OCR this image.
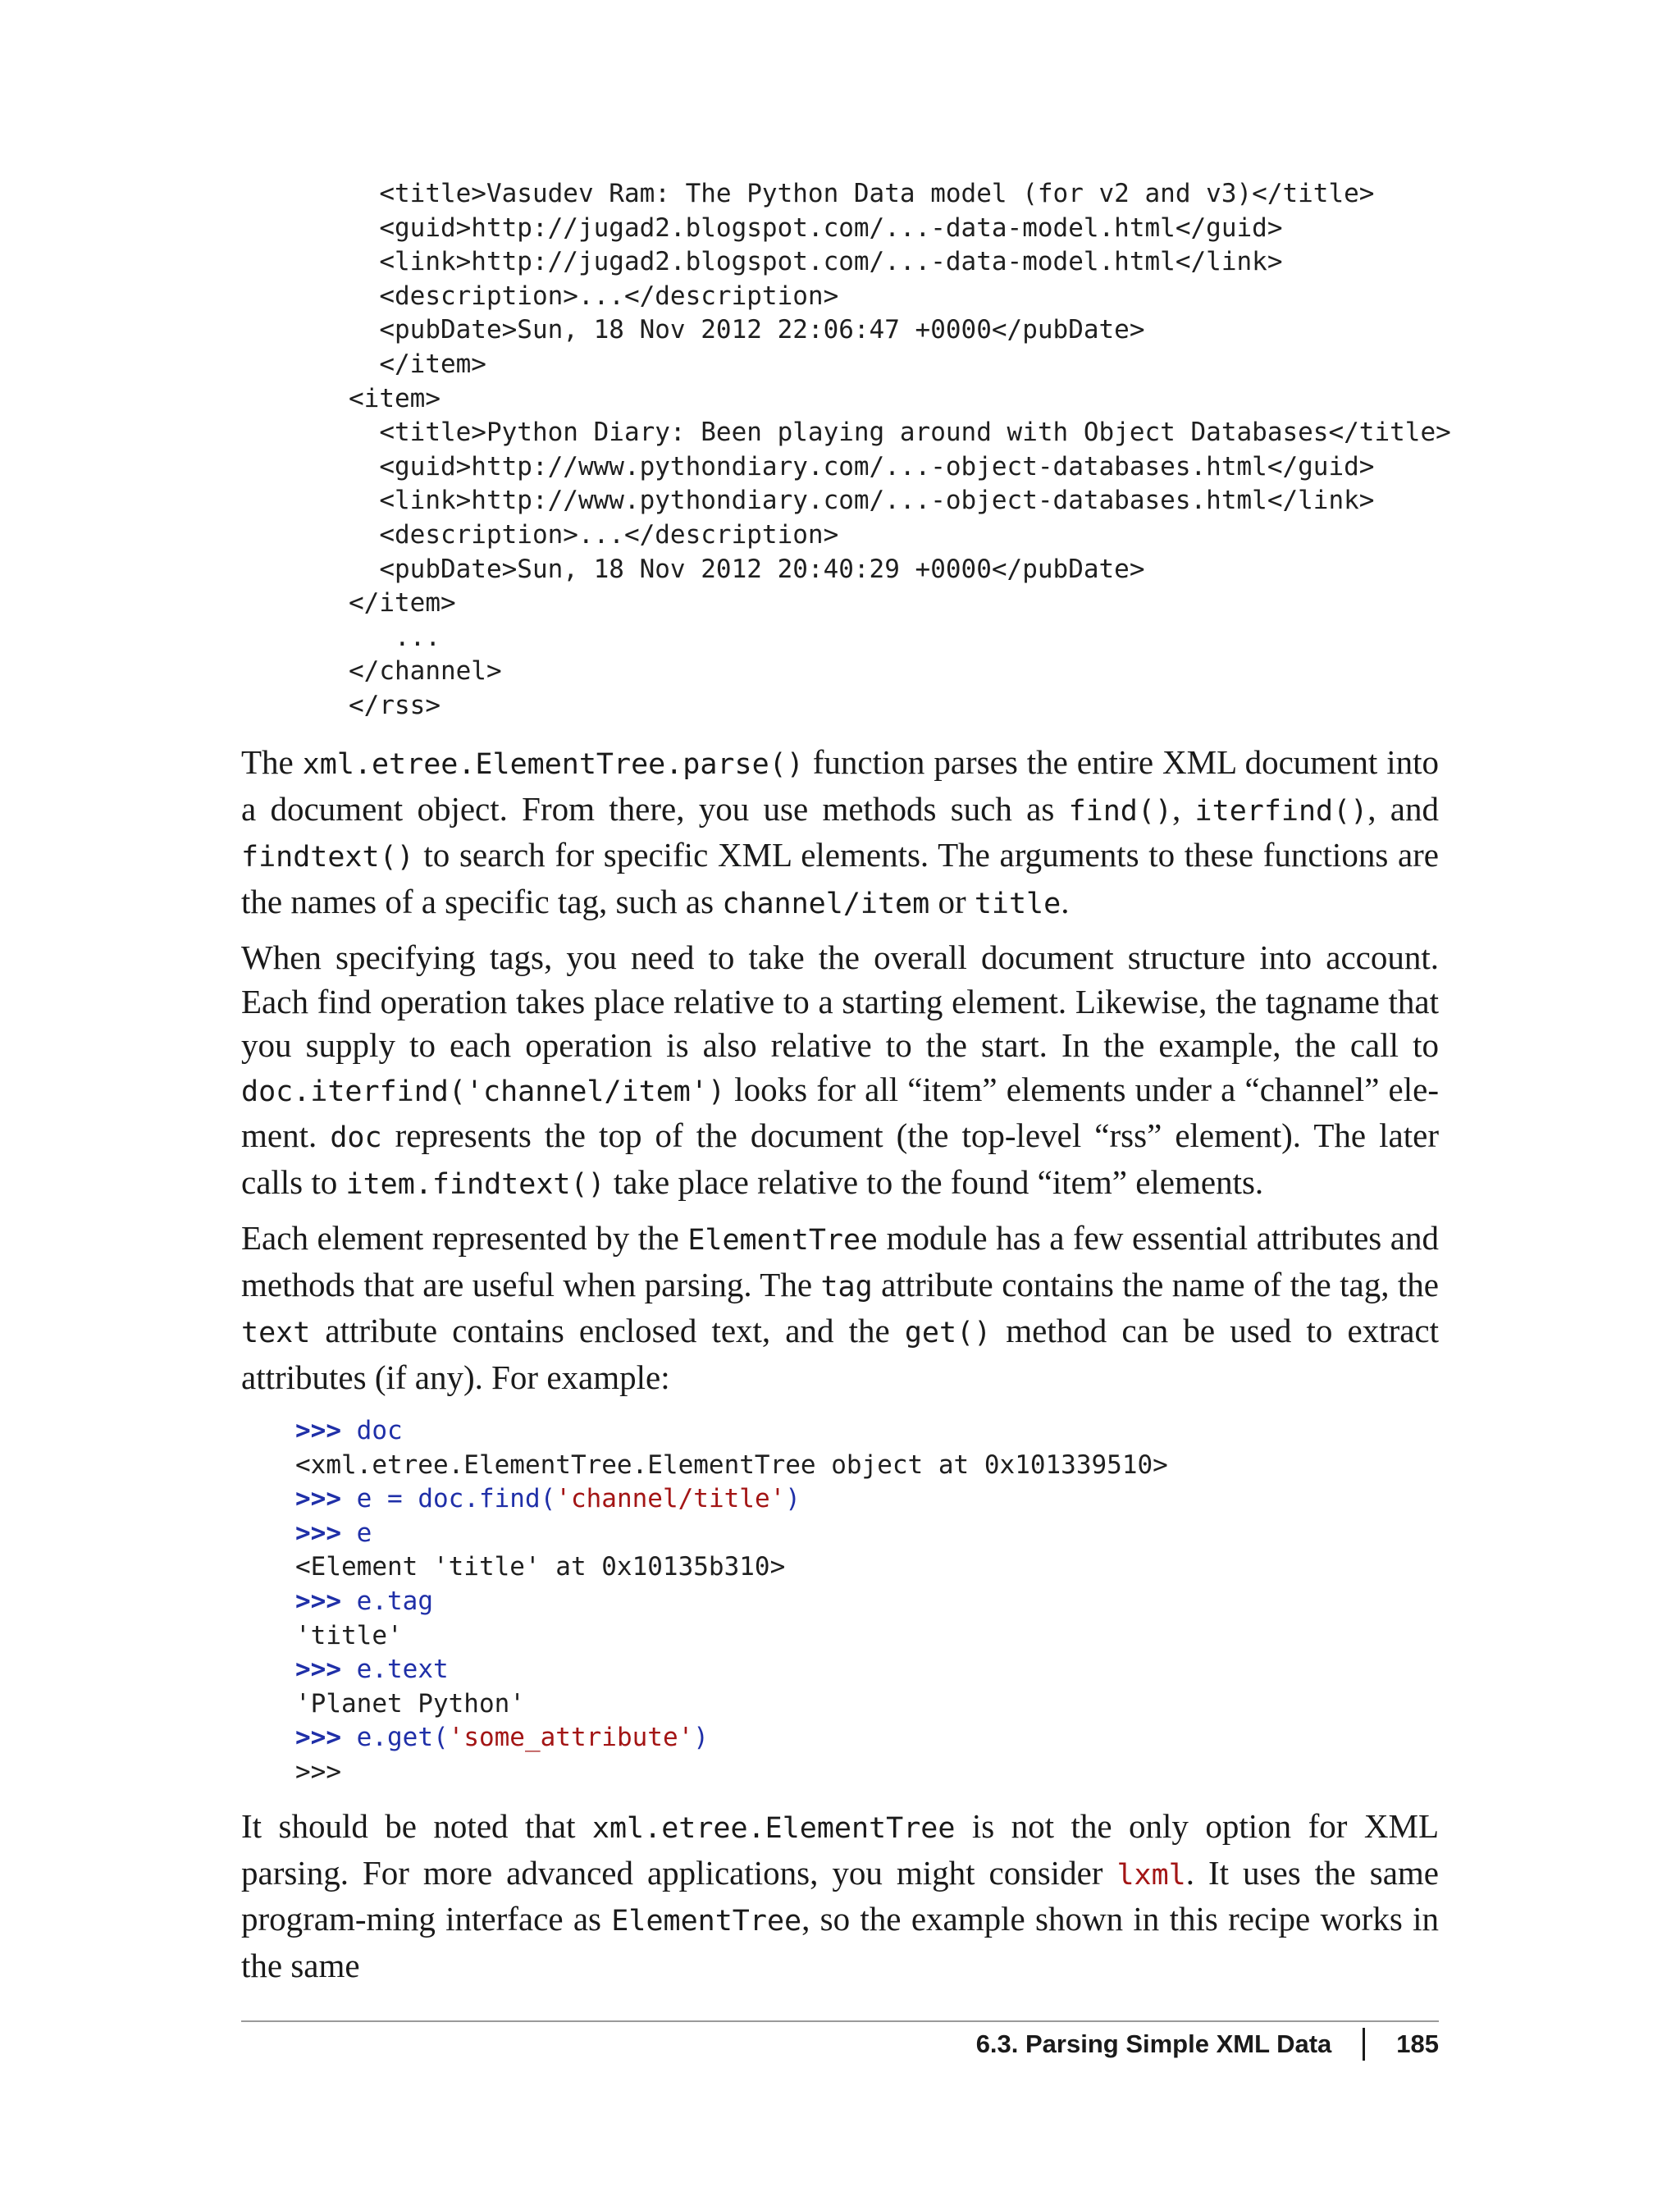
<title>Vasudev Ram: The Python Data model (for v2 and v3)</title>
<guid>http://jugad2.blogspot.com/...-data-model.html</guid>
<link>http://jugad2.blogspot.com/...-data-model.html</link>
<description>...</description>
<pubDate>Sun, 18 Nov 2012 22:06:47 +0000</pubDate>
</item>
<item>
<title>Python Diary: Been playing around with Object Databases</title>
<guid>http://www.pythondiary.com/...-object-databases.html</guid>
<link>http://www.pythondiary.com/...-object-databases.html</link>
<description>...</description>
<pubDate>Sun, 18 Nov 2012 20:40:29 +0000</pubDate>
</item>
...
</channel>
</rss>

The xml.etree.ElementTree.parse() function parses the entire XML document into a document object. From there, you use methods such as find(), iterfind(), and findtext() to search for specific XML elements. The arguments to these functions are the names of a specific tag, such as channel/item or title.

When specifying tags, you need to take the overall document structure into account. Each find operation takes place relative to a starting element. Likewise, the tagname that you supply to each operation is also relative to the start. In the example, the call to doc.iterfind('channel/item') looks for all “item” elements under a “channel” ele‐ment. doc represents the top of the document (the top-level “rss” element). The later calls to item.findtext() take place relative to the found “item” elements.

Each element represented by the ElementTree module has a few essential attributes and methods that are useful when parsing. The tag attribute contains the name of the tag, the text attribute contains enclosed text, and the get() method can be used to extract attributes (if any). For example:

>>> doc
<xml.etree.ElementTree.ElementTree object at 0x101339510>
>>> e = doc.find('channel/title')
>>> e
<Element 'title' at 0x10135b310>
>>> e.tag
'title'
>>> e.text
'Planet Python'
>>> e.get('some_attribute')
>>>

It should be noted that xml.etree.ElementTree is not the only option for XML parsing. For more advanced applications, you might consider lxml. It uses the same program‐ming interface as ElementTree, so the example shown in this recipe works in the same

6.3. Parsing Simple XML Data	185
